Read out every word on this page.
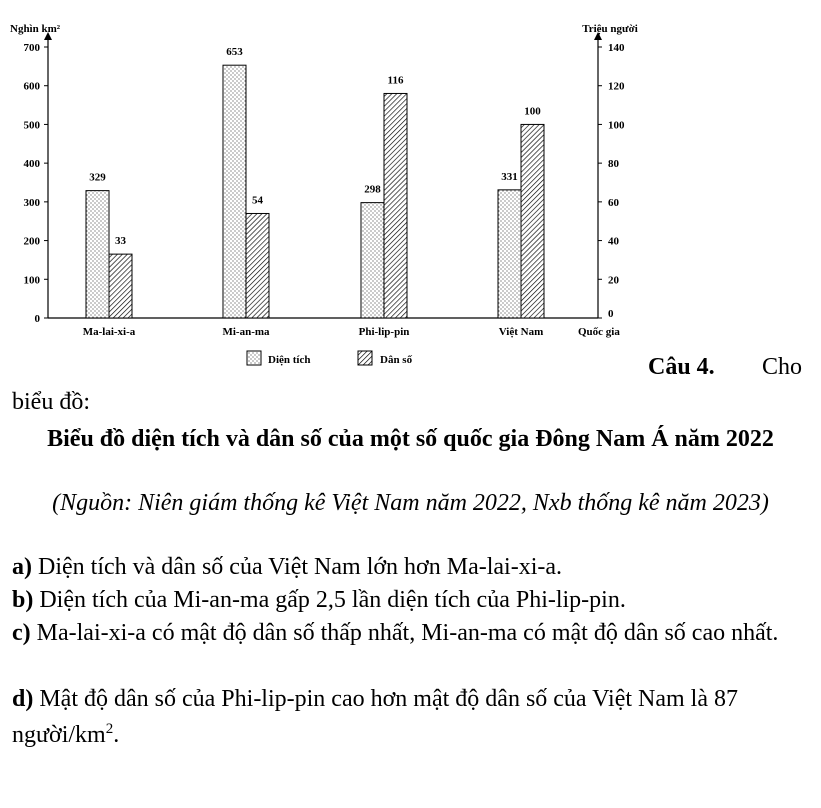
Nghìn km²	Triệu người
Quốc gia
0
100
200
300
400
500
600
700
0
20
40
60
80
100
120
140
329
33
653
54
298
116
331
100
Ma-lai-xi-a	Mi-an-ma	Phi-lip-pin	Việt Nam
Diện tích	Dân số	Câu 4. Cho
biểu đồ:
Biểu đồ diện tích và dân số của một số quốc gia Đông Nam Á năm 2022
(Nguồn: Niên giám thống kê Việt Nam năm 2022, Nxb thống kê năm 2023)
a) Diện tích và dân số của Việt Nam lớn hơn Ma-lai-xi-a.
b) Diện tích của Mi-an-ma gấp 2,5 lần diện tích của Phi-lip-pin.
c) Ma-lai-xi-a có mật độ dân số thấp nhất, Mi-an-ma có mật độ dân số cao nhất.
d) Mật độ dân số của Phi-lip-pin cao hơn mật độ dân số của Việt Nam là 87 người/$km^2$.
